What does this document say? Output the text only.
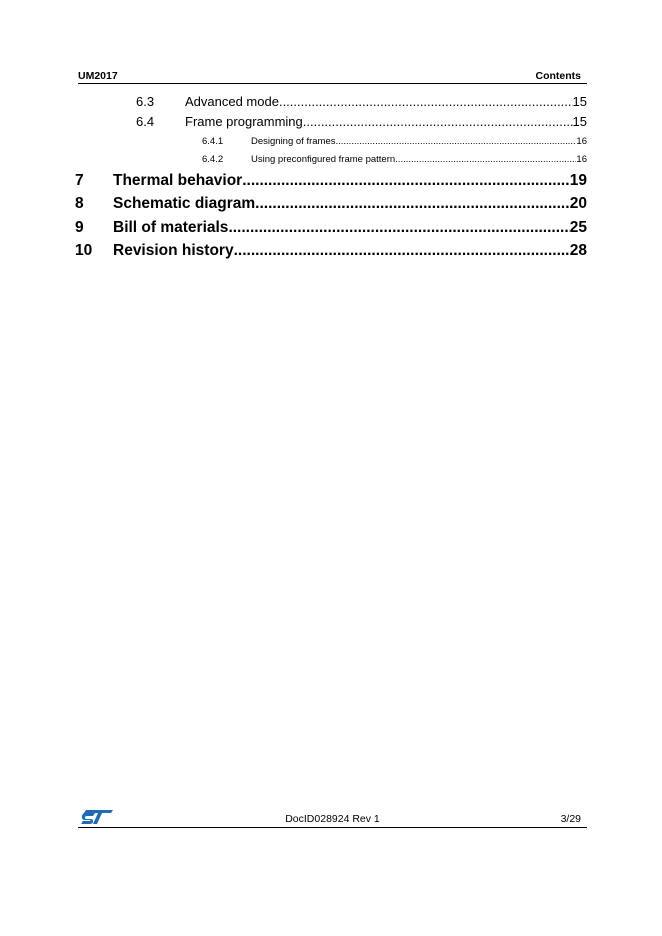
UM2017	Contents
6.3 Advanced mode .....	15
6.4 Frame programming .....	15
6.4.1	Designing of frames .....	16
6.4.2	Using preconfigured frame pattern .....	16
7 Thermal behavior .....	19
8 Schematic diagram .....	20
9 Bill of materials .....	25
10 Revision history .....	28
DocID028924 Rev 1	3/29
